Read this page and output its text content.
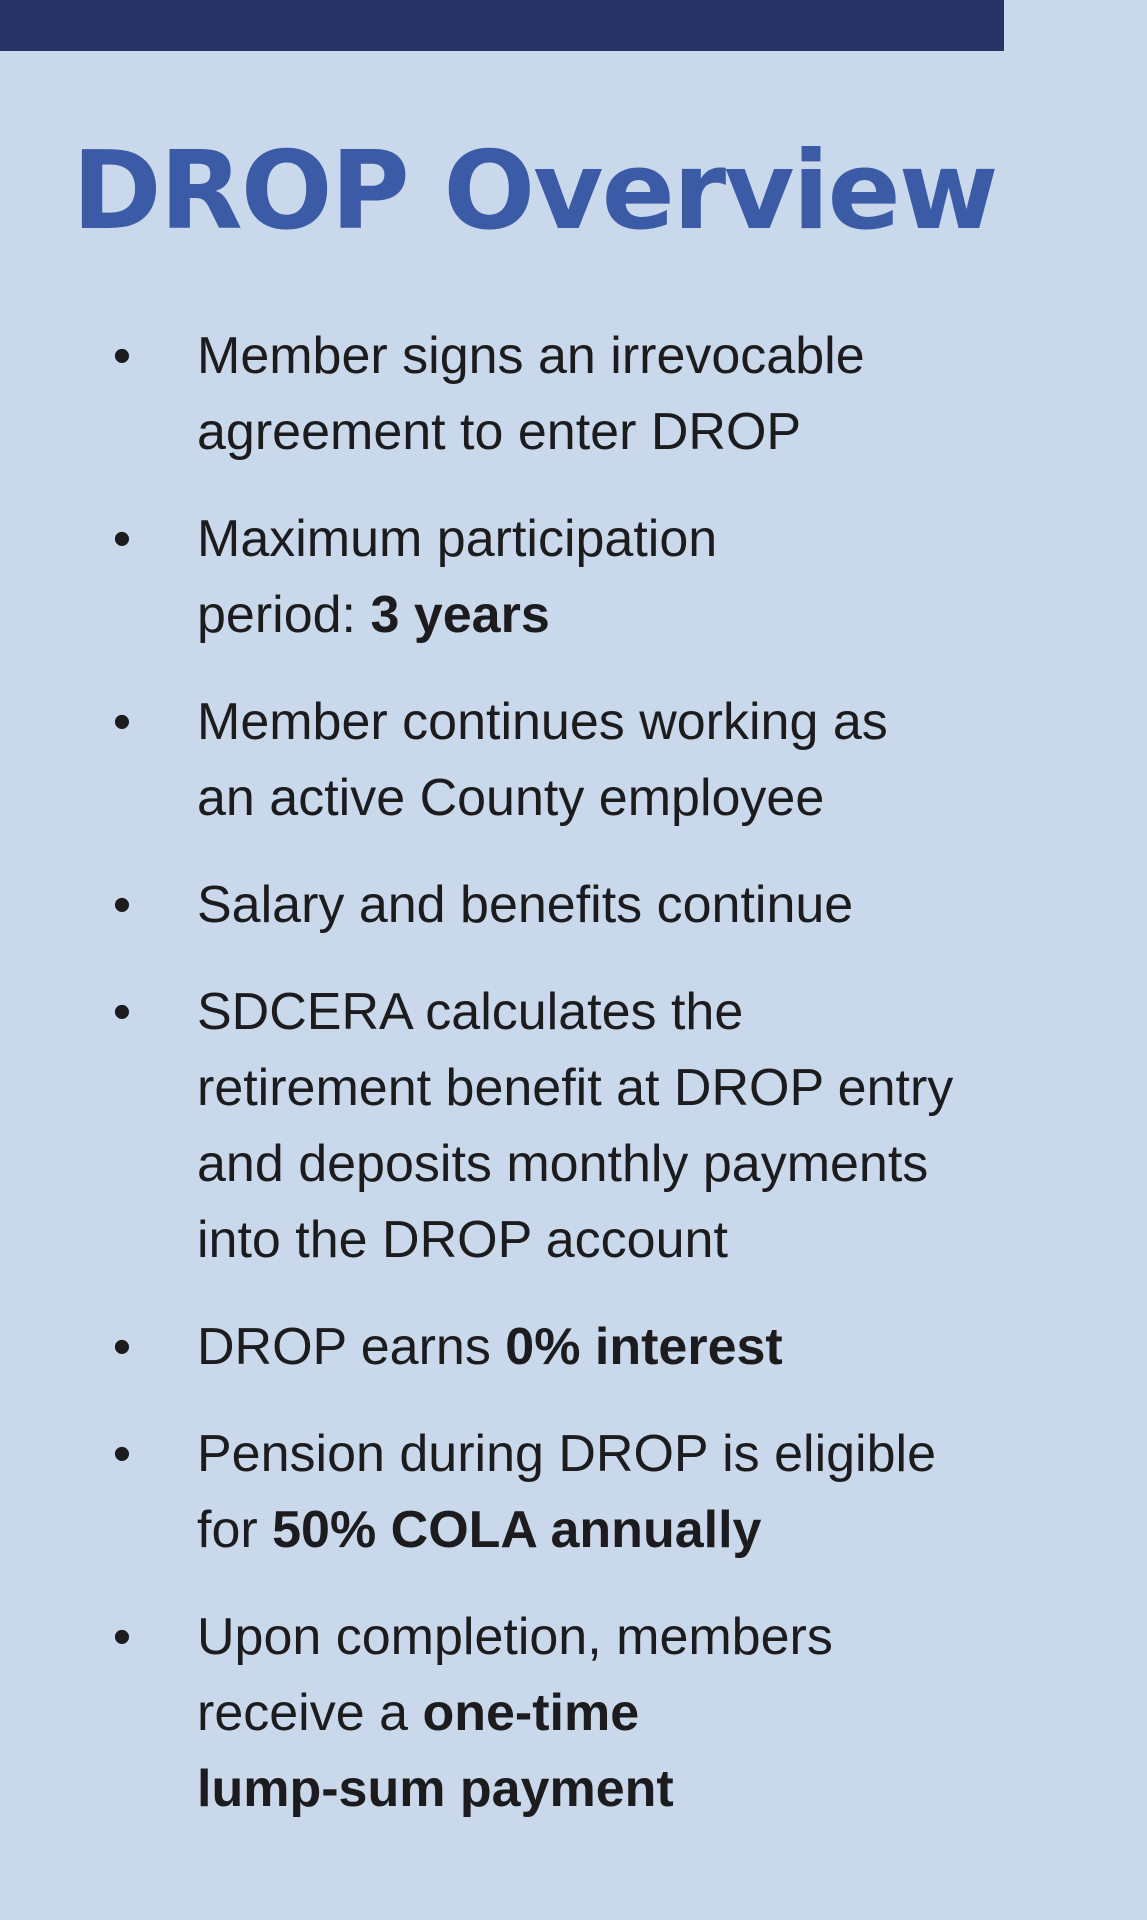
DROP Overview
• Member signs an irrevocable
agreement to enter DROP
• Maximum participation
period: 3 years
• Member continues working as
an active County employee
• Salary and benefits continue
• SDCERA calculates the
retirement benefit at DROP entry
and deposits monthly payments
into the DROP account
• DROP earns 0% interest
• Pension during DROP is eligible
for 50% COLA annually
• Upon completion, members
receive a one-time
lump-sum payment
